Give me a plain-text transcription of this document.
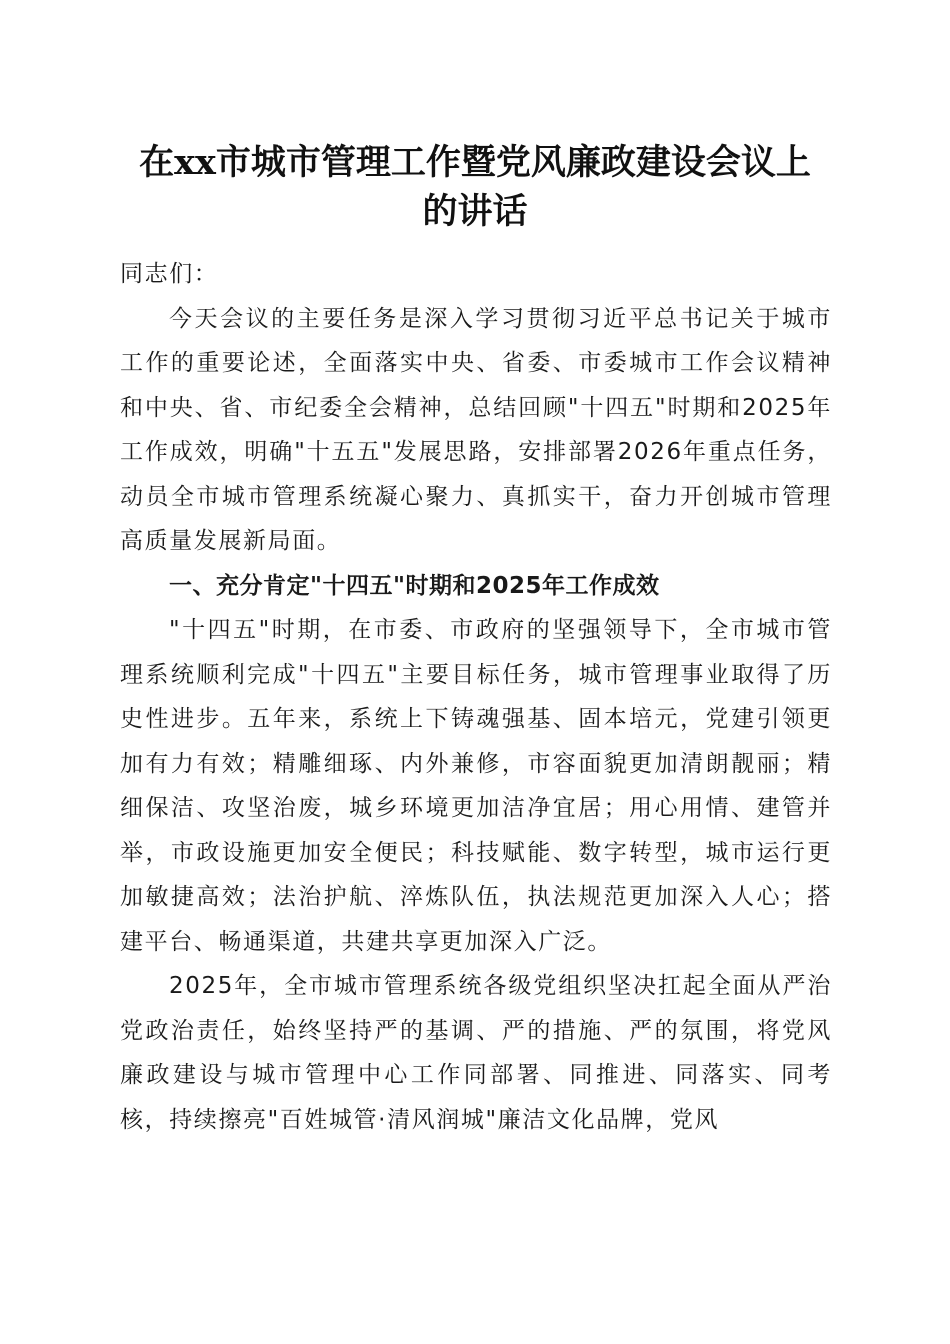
在xx市城市管理工作暨党风廉政建设会议上
的讲话

同志们：

今天会议的主要任务是深入学习贯彻习近平总书记关于城市工作的重要论述，全面落实中央、省委、市委城市工作会议精神和中央、省、市纪委全会精神，总结回顾"十四五"时期和2025年工作成效，明确"十五五"发展思路，安排部署2026年重点任务，动员全市城市管理系统凝心聚力、真抓实干，奋力开创城市管理高质量发展新局面。

一、充分肯定"十四五"时期和2025年工作成效

"十四五"时期，在市委、市政府的坚强领导下，全市城市管理系统顺利完成"十四五"主要目标任务，城市管理事业取得了历史性进步。五年来，系统上下铸魂强基、固本培元，党建引领更加有力有效；精雕细琢、内外兼修，市容面貌更加清朗靓丽；精细保洁、攻坚治废，城乡环境更加洁净宜居；用心用情、建管并举，市政设施更加安全便民；科技赋能、数字转型，城市运行更加敏捷高效；法治护航、淬炼队伍，执法规范更加深入人心；搭建平台、畅通渠道，共建共享更加深入广泛。

2025年，全市城市管理系统各级党组织坚决扛起全面从严治党政治责任，始终坚持严的基调、严的措施、严的氛围，将党风廉政建设与城市管理中心工作同部署、同推进、同落实、同考核，持续擦亮"百姓城管·清风润城"廉洁文化品牌，党风
